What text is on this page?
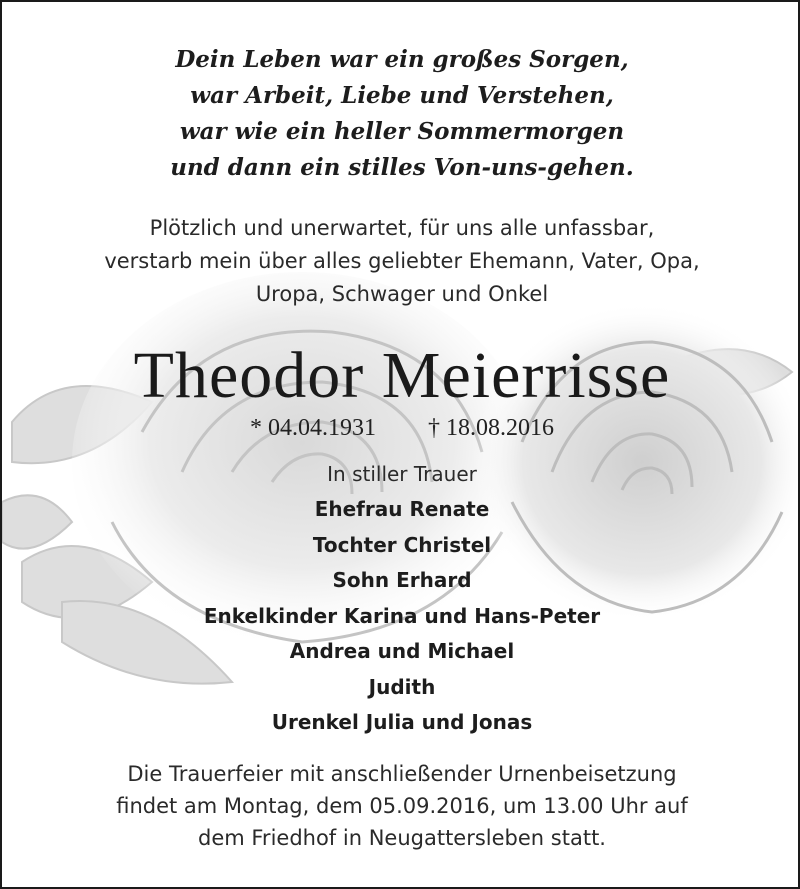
Dein Leben war ein großes Sorgen,
war Arbeit, Liebe und Verstehen,
war wie ein heller Sommermorgen
und dann ein stilles Von-uns-gehen.
Plötzlich und unerwartet, für uns alle unfassbar,
verstarb mein über alles geliebter Ehemann, Vater, Opa,
Uropa, Schwager und Onkel
Theodor Meierrisse
* 04.04.1931 † 18.08.2016
In stiller Trauer
Ehefrau Renate
Tochter Christel
Sohn Erhard
Enkelkinder Karina und Hans-Peter
Andrea und Michael
Judith
Urenkel Julia und Jonas
Die Trauerfeier mit anschließender Urnenbeisetzung
findet am Montag, dem 05.09.2016, um 13.00 Uhr auf
dem Friedhof in Neugattersleben statt.
